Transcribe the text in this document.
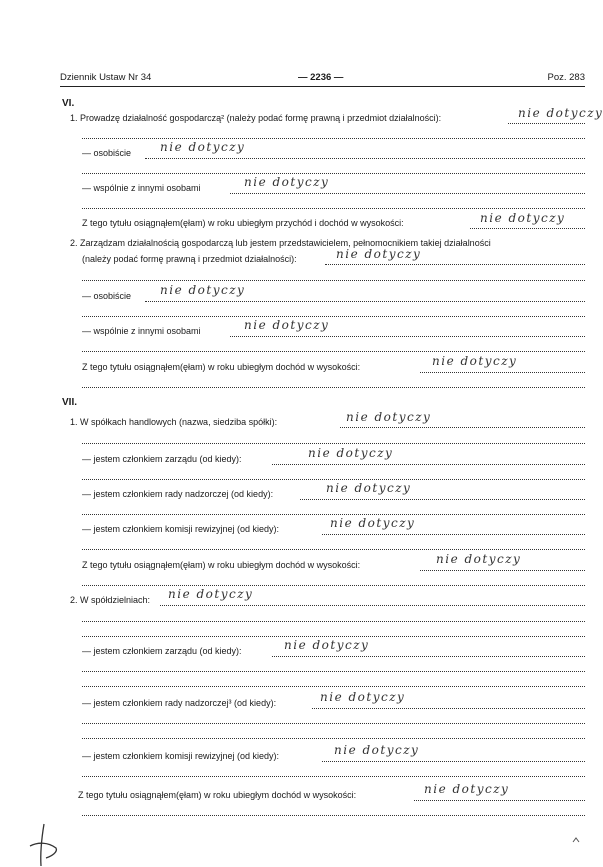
Dziennik Ustaw Nr 34	— 2236 —	Poz. 283
VI.
1. Prowadzę działalność gospodarczą² (należy podać formę prawną i przedmiot działalności):	nie dotyczy
— osobiście nie dotyczy
— wspólnie z innymi osobami	nie dotyczy
Z tego tytułu osiągnąłem(ęłam) w roku ubiegłym przychód i dochód w wysokości:	nie dotyczy
2. Zarządzam działalnością gospodarczą lub jestem przedstawicielem, pełnomocnikiem takiej działalności
(należy podać formę prawną i przedmiot działalności):	nie dotyczy
— osobiście nie dotyczy
— wspólnie z innymi osobami	nie dotyczy
Z tego tytułu osiągnąłem(ęłam) w roku ubiegłym dochód w wysokości:	nie dotyczy
VII.
1. W spółkach handlowych (nazwa, siedziba spółki):	nie dotyczy
— jestem członkiem zarządu (od kiedy):	nie dotyczy
— jestem członkiem rady nadzorczej (od kiedy):	nie dotyczy
— jestem członkiem komisji rewizyjnej (od kiedy):	nie dotyczy
Z tego tytułu osiągnąłem(ęłam) w roku ubiegłym dochód w wysokości:	nie dotyczy
2. W spółdzielniach: nie dotyczy
— jestem członkiem zarządu (od kiedy):	nie dotyczy
— jestem członkiem rady nadzorczej³ (od kiedy):	nie dotyczy
— jestem członkiem komisji rewizyjnej (od kiedy):	nie dotyczy
Z tego tytułu osiągnąłem(ęłam) w roku ubiegłym dochód w wysokości:	nie dotyczy
